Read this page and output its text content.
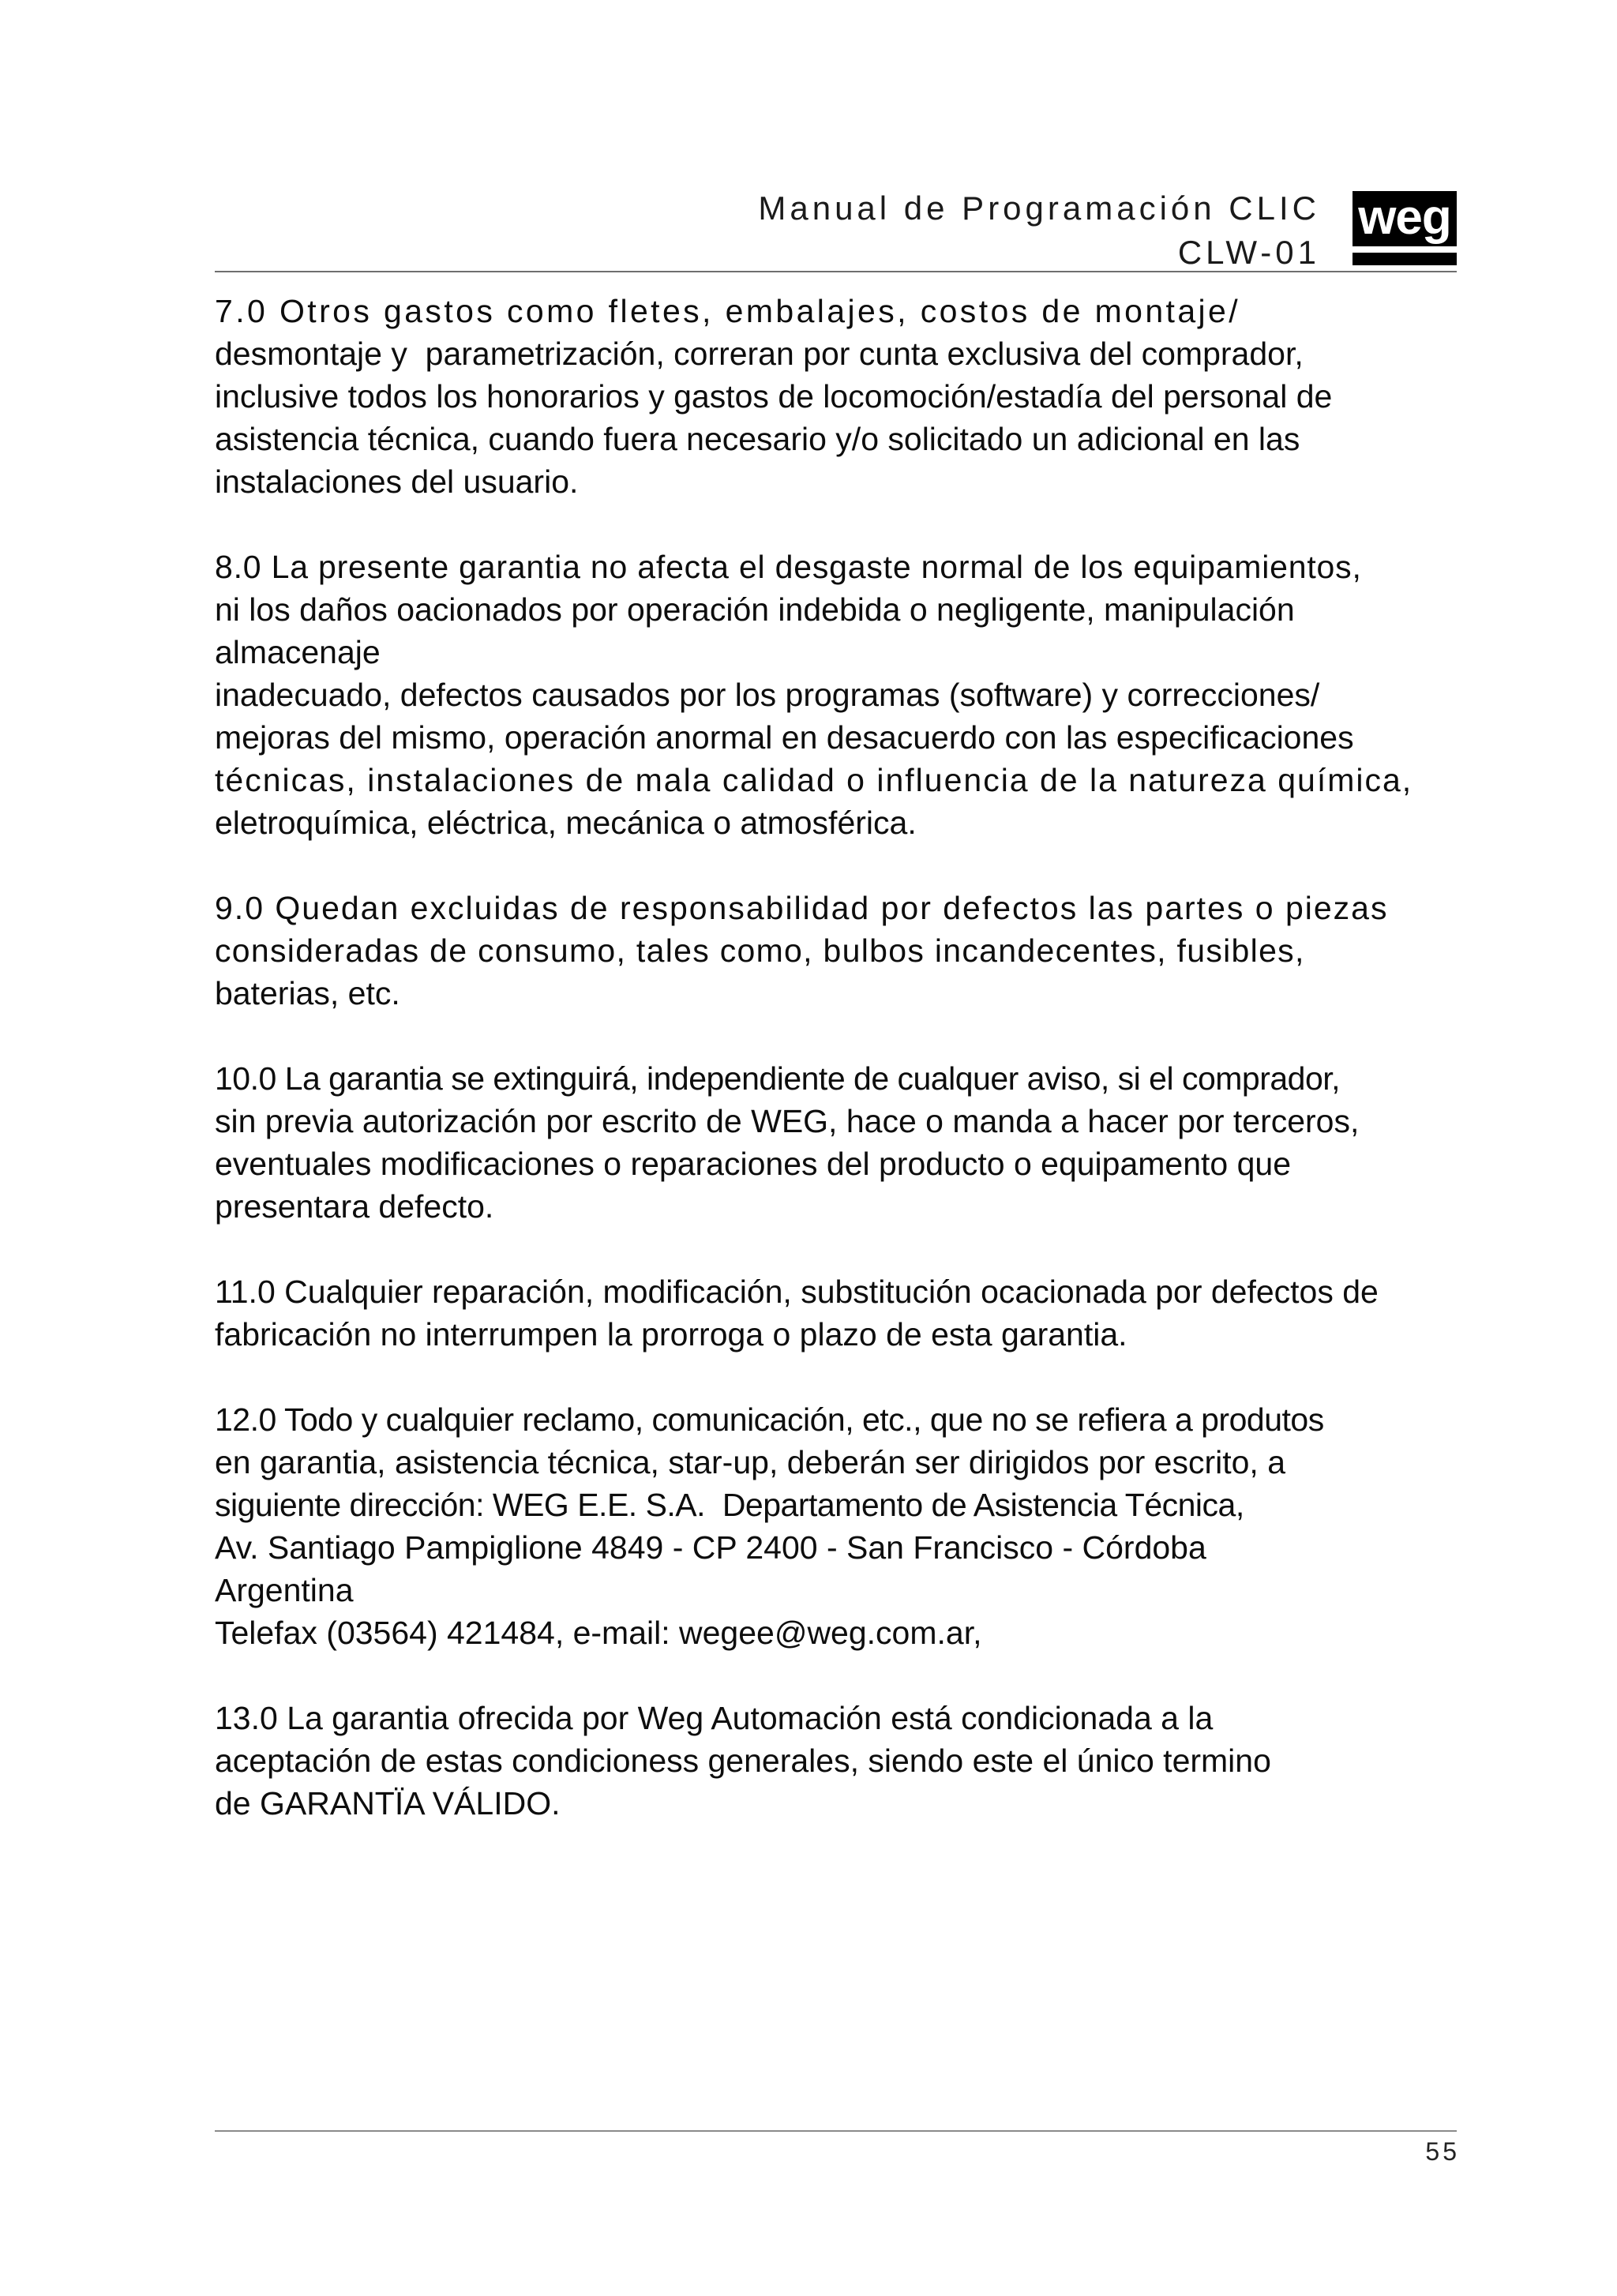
Manual de Programación CLIC
CLW-01
weg
7.0 Otros gastos como fletes, embalajes, costos de montaje/
desmontaje y  parametrización, correran por cunta exclusiva del comprador,
inclusive todos los honorarios y gastos de locomoción/estadía del personal de
asistencia técnica, cuando fuera necesario y/o solicitado un adicional en las
instalaciones del usuario.
8.0 La presente garantia no afecta el desgaste normal de los equipamientos,
ni los daños oacionados por operación indebida o negligente, manipulación
almacenaje
inadecuado, defectos causados por los programas (software) y correcciones/
mejoras del mismo, operación anormal en desacuerdo con las especificaciones
técnicas, instalaciones de mala calidad o influencia de la natureza química,
eletroquímica, eléctrica, mecánica o atmosférica.
9.0 Quedan excluidas de responsabilidad por defectos las partes o piezas
consideradas de consumo, tales como, bulbos incandecentes, fusibles,
baterias, etc.
10.0 La garantia se extinguirá, independiente de cualquer aviso, si el comprador,
sin previa autorización por escrito de WEG, hace o manda a hacer por terceros,
eventuales modificaciones o reparaciones del producto o equipamento que
presentara defecto.
11.0 Cualquier reparación, modificación, substitución ocacionada por defectos de
fabricación no interrumpen la prorroga o plazo de esta garantia.
12.0 Todo y cualquier reclamo, comunicación, etc., que no se refiera a produtos
en garantia, asistencia técnica, star-up, deberán ser dirigidos por escrito, a
siguiente dirección: WEG E.E. S.A.  Departamento de Asistencia Técnica,
Av. Santiago Pampiglione 4849 - CP 2400 - San Francisco - Córdoba
Argentina
Telefax (03564) 421484, e-mail: wegee@weg.com.ar,
13.0 La garantia ofrecida por Weg Automación está condicionada a la
aceptación de estas condicioness generales, siendo este el único termino
de GARANTÏA VÁLIDO.
55
